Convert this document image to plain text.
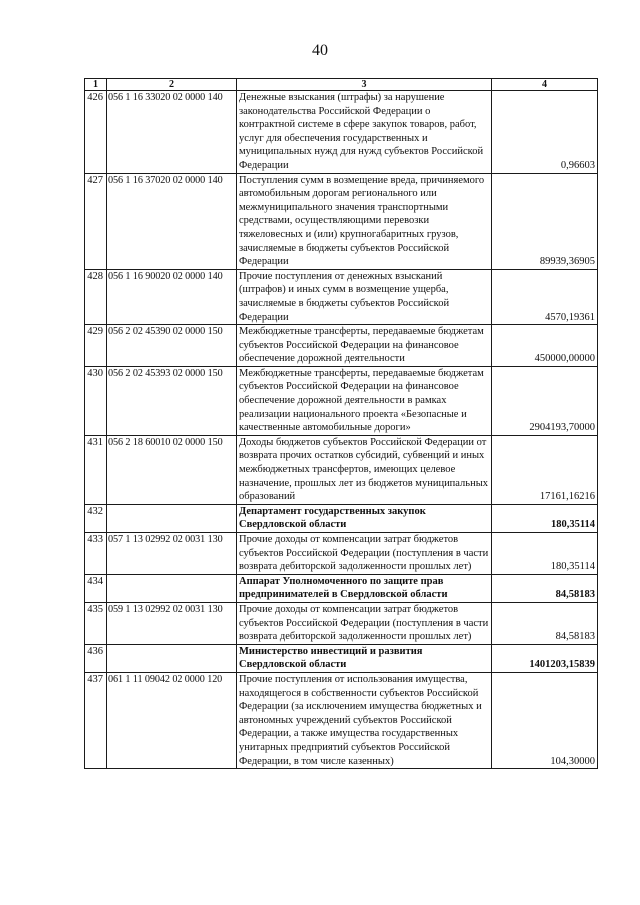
40
1	2	3	4
426	056 1 16 33020 02 0000 140	Денежные взыскания (штрафы) за нарушение законодательства Российской Федерации о контрактной системе в сфере закупок товаров, работ, услуг для обеспечения государственных и муниципальных нужд для нужд субъектов Российской Федерации	0,96603
427	056 1 16 37020 02 0000 140	Поступления сумм в возмещение вреда, причиняемого автомобильным дорогам регионального или межмуниципального значения транспортными средствами, осуществляющими перевозки тяжеловесных и (или) крупногабаритных грузов, зачисляемые в бюджеты субъектов Российской Федерации	89939,36905
428	056 1 16 90020 02 0000 140	Прочие поступления от денежных взысканий (штрафов) и иных сумм в возмещение ущерба, зачисляемые в бюджеты субъектов Российской Федерации	4570,19361
429	056 2 02 45390 02 0000 150	Межбюджетные трансферты, передаваемые бюджетам субъектов Российской Федерации на финансовое обеспечение дорожной деятельности	450000,00000
430	056 2 02 45393 02 0000 150	Межбюджетные трансферты, передаваемые бюджетам субъектов Российской Федерации на финансовое обеспечение дорожной деятельности в рамках реализации национального проекта «Безопасные и качественные автомобильные дороги»	2904193,70000
431	056 2 18 60010 02 0000 150	Доходы бюджетов субъектов Российской Федерации от возврата прочих остатков субсидий, субвенций и иных межбюджетных трансфертов, имеющих целевое назначение, прошлых лет из бюджетов муниципальных образований	17161,16216
432		Департамент государственных закупок Свердловской области	180,35114
433	057 1 13 02992 02 0031 130	Прочие доходы от компенсации затрат бюджетов субъектов Российской Федерации (поступления в части возврата дебиторской задолженности прошлых лет)	180,35114
434		Аппарат Уполномоченного по защите прав предпринимателей в Свердловской области	84,58183
435	059 1 13 02992 02 0031 130	Прочие доходы от компенсации затрат бюджетов субъектов Российской Федерации (поступления в части возврата дебиторской задолженности прошлых лет)	84,58183
436		Министерство инвестиций и развития Свердловской области	1401203,15839
437	061 1 11 09042 02 0000 120	Прочие поступления от использования имущества, находящегося в собственности субъектов Российской Федерации (за исключением имущества бюджетных и автономных учреждений субъектов Российской Федерации, а также имущества государственных унитарных предприятий субъектов Российской Федерации, в том числе казенных)	104,30000
